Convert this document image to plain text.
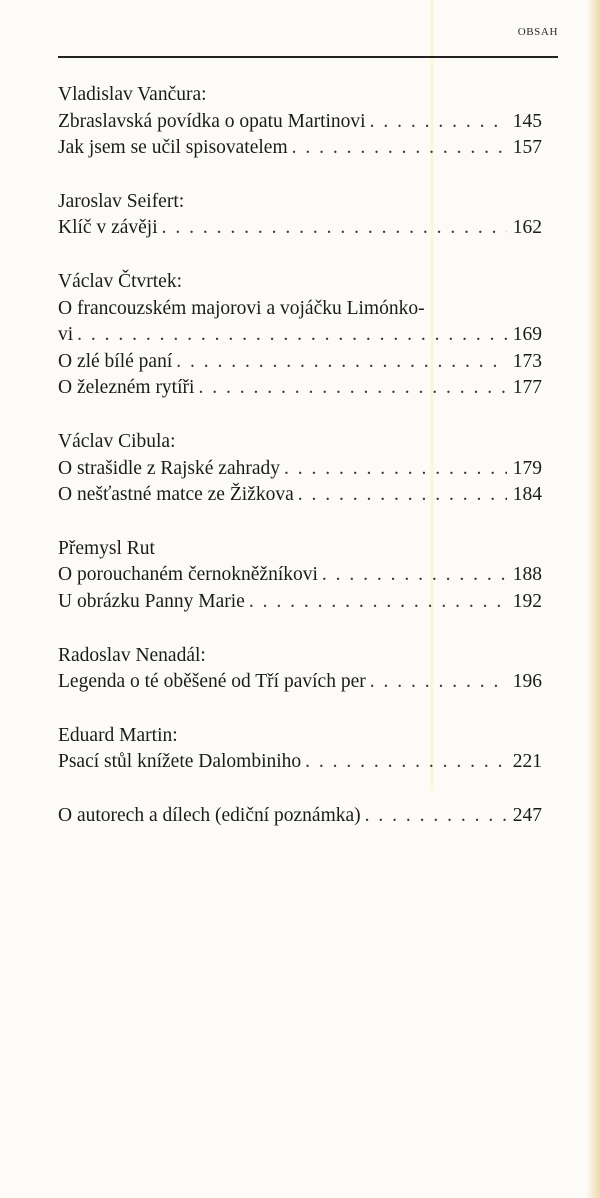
OBSAH
Vladislav Vančura:
Zbraslavská povídka o opatu Martinovi . . .	145
Jak jsem se učil spisovatelem . . .	157
Jaroslav Seifert:
Klíč v závěji . . .	162
Václav Čtvrtek:
O francouzském majorovi a vojáčku Limónko-
vi . . .	169
O zlé bílé paní . . .	173
O železném rytíři . . .	177
Václav Cibula:
O strašidle z Rajské zahrady . . .	179
O nešťastné matce ze Žižkova . . .	184
Přemysl Rut
O porouchaném černokněžníkovi . . .	188
U obrázku Panny Marie . . .	192
Radoslav Nenadál:
Legenda o té oběšené od Tří pavích per . . .	196
Eduard Martin:
Psací stůl knížete Dalombiniho . . .	221
O autorech a dílech (ediční poznámka) . . .	247
